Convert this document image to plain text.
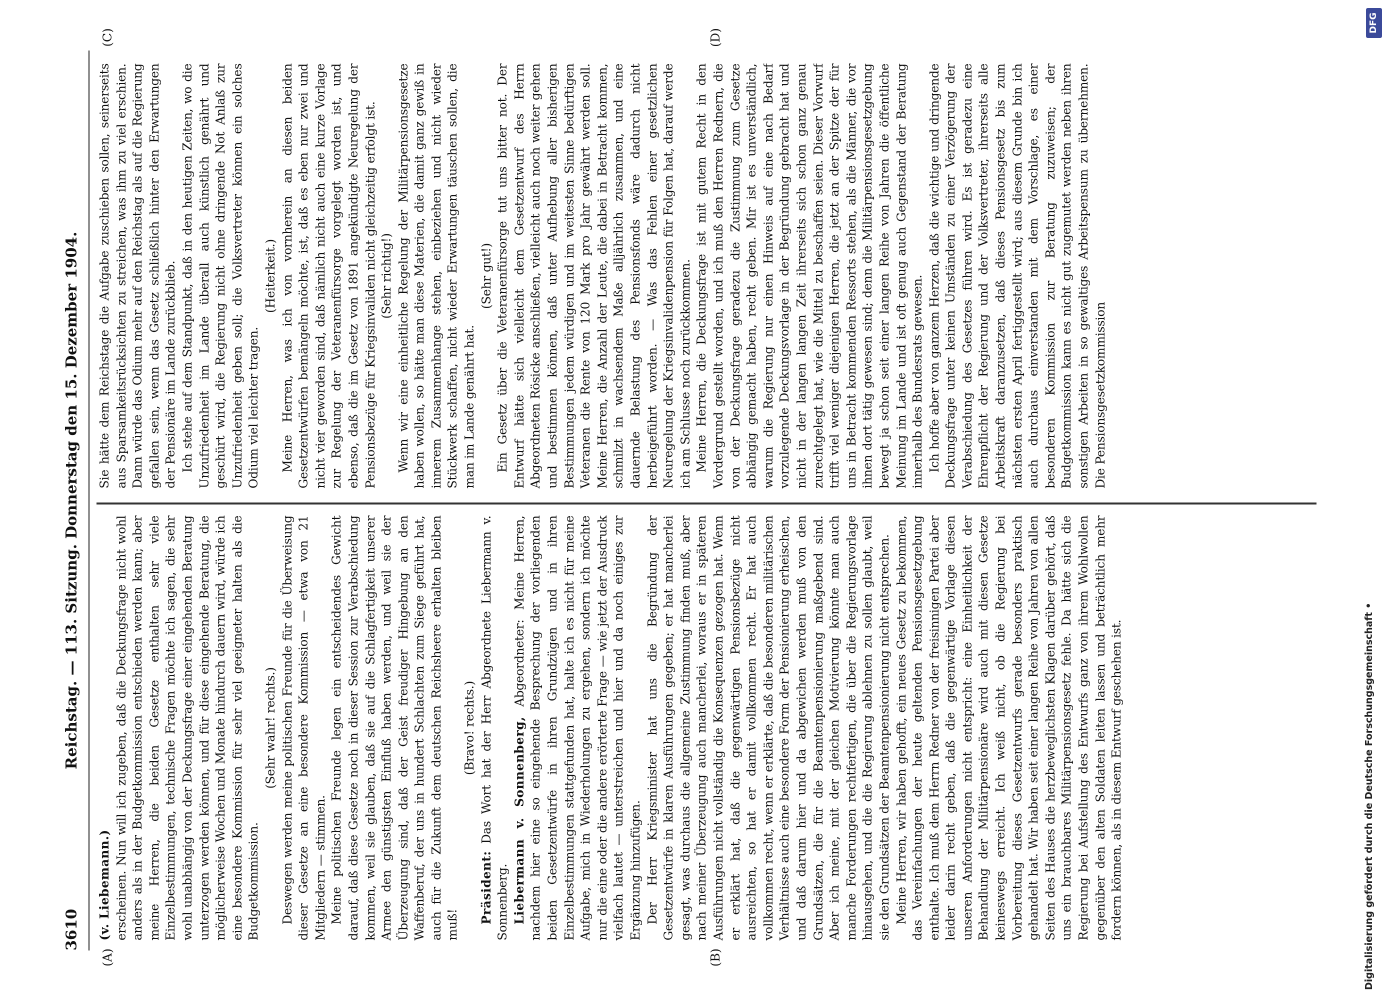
3610
Reichstag. — 113. Sitzung. Donnerstag den 15. Dezember 1904.
(A)	(B)
(C)	(D)

(v. Liebemann.) erscheinen. Nun will ich zugeben, daß die Deckungsfrage nicht wohl anders als in der Budgetkommission entschieden werden kann; aber meine Herren, die beiden Gesetze enthalten sehr viele Einzelbestimmungen, technische Fragen möchte ich sagen, die sehr wohl unabhängig von der Deckungsfrage einer eingehenden Beratung unterzogen werden können, und für diese eingehende Beratung, die möglicherweise Wochen und Monate hindurch dauern wird, würde ich eine besondere Kommission für sehr viel geeigneter halten als die Budgetkommission.

(Sehr wahr! rechts.) Deswegen werden meine politischen Freunde für die Überweisung dieser Gesetze an eine besondere Kommission — etwa von 21 Mitgliedern — stimmen. Meine politischen Freunde legen ein entscheidendes Gewicht darauf, daß diese Gesetze noch in dieser Session zur Verabschiedung kommen, weil sie glauben, daß sie auf die Schlagfertigkeit unserer Armee den günstigsten Einfluß haben werden, und weil sie der Überzeugung sind, daß der Geist freudiger Hingebung an den Waffenberuf, der uns in hundert Schlachten zum Siege geführt hat, auch für die Zukunft dem deutschen Reichsheere erhalten bleiben muß!

(Bravo! rechts.)

Präsident: Das Wort hat der Herr Abgeordnete Liebermann v. Sonnenberg. Liebermann v. Sonnenberg, Abgeordneter: Meine Herren, nachdem hier eine so eingehende Besprechung der vorliegenden beiden Gesetzentwürfe in ihren Grundzügen und in ihren Einzelbestimmungen stattgefunden hat, halte ich es nicht für meine Aufgabe, mich in Wiederholungen zu ergehen, sondern ich möchte nur die eine oder die andere erörterte Frage — wie jetzt der Ausdruck vielfach lautet — unterstreichen und hier und da noch einiges zur Ergänzung hinzufügen. Der Herr Kriegsminister hat uns die Begründung der Gesetzentwürfe in klaren Ausführungen gegeben; er hat mancherlei gesagt, was durchaus die allgemeine Zustimmung finden muß, aber nach meiner Überzeugung auch mancherlei, woraus er in späteren Ausführungen nicht vollständig die Konsequenzen gezogen hat. Wenn er erklärt hat, daß die gegenwärtigen Pensionsbezüge nicht ausreichten, so hat er damit vollkommen recht. Er hat auch vollkommen recht, wenn er erklärte, daß die besonderen militärischen Verhältnisse auch eine besondere Form der Pensionierung erheischen, und daß darum hier und da abgewichen werden muß von den Grundsätzen, die für die Beamtenpensionierung maßgebend sind. Aber ich meine, mit der gleichen Motivierung könnte man auch manche Forderungen rechtfertigen, die über die Regierungsvorlage hinausgehen, und die die Regierung ablehnen zu sollen glaubt, weil sie den Grundsätzen der Beamtenpensionierung nicht entsprechen. Meine Herren, wir haben gehofft, ein neues Gesetz zu bekommen, das Vereinfachungen der heute geltenden Pensionsgesetzgebung enthalte. Ich muß dem Herrn Redner von der freisinnigen Partei aber leider darin recht geben, daß die gegenwärtige Vorlage diesen unseren Anforderungen nicht entspricht: eine Einheitlichkeit der Behandlung der Militärpensionäre wird auch mit diesen Gesetze keineswegs erreicht. Ich weiß nicht, ob die Regierung bei Vorbereitung dieses Gesetzentwurfs gerade besonders praktisch gehandelt hat. Wir haben seit einer langen Reihe von Jahren von allen Seiten des Hauses die herzbeweglichsten Klagen darüber gehört, daß uns ein brauchbares Militärpensionsgesetz fehle. Da hätte sich die Regierung bei Aufstellung des Entwurfs ganz von ihrem Wohlwollen gegenüber den alten Soldaten leiten lassen und beträchtlich mehr fordern können, als in diesem Entwurf geschehen ist.

Sie hätte dem Reichstage die Aufgabe zuschieben sollen, seinerseits aus Sparsamkeitsrücksichten zu streichen, was ihm zu viel erschien. Dann würde das Odium mehr auf den Reichstag als auf die Regierung gefallen sein, wenn das Gesetz schließlich hinter den Erwartungen der Pensionäre im Lande zurückblieb. Ich stehe auf dem Standpunkt, daß in den heutigen Zeiten, wo die Unzufriedenheit im Lande überall auch künstlich genährt und geschürt wird, die Regierung nicht ohne dringende Not Anlaß zur Unzufriedenheit geben soll; die Volksvertreter können ein solches Odium viel leichter tragen.

(Heiterkeit.) Meine Herren, was ich von vornherein an diesen beiden Gesetzentwürfen bemängeln möchte, ist, daß es eben nur zwei und nicht vier geworden sind, daß nämlich nicht auch eine kurze Vorlage zur Regelung der Veteranenfürsorge vorgelegt worden ist, und ebenso, daß die im Gesetz von 1891 angekündigte Neuregelung der Pensionsbezüge für Kriegsinvaliden nicht gleichzeitig erfolgt ist. (Sehr richtig!) Wenn wir eine einheitliche Regelung der Militärpensionsgesetze haben wollen, so hätte man diese Materien, die damit ganz gewiß in innerem Zusammenhange stehen, einbeziehen und nicht wieder Stückwerk schaffen, nicht wieder Erwartungen täuschen sollen, die man im Lande genährt hat.

(Sehr gut!) Ein Gesetz über die Veteranenfürsorge tut uns bitter not. Der Entwurf hätte sich vielleicht dem Gesetzentwurf des Herrn Abgeordneten Rösicke anschließen, vielleicht auch noch weiter gehen und bestimmen können, daß unter Aufhebung aller bisherigen Bestimmungen jedem würdigen und im weitesten Sinne bedürftigen Veteranen die Rente von 120 Mark pro Jahr gewährt werden soll. Meine Herren, die Anzahl der Leute, die dabei in Betracht kommen, schmilzt in wachsendem Maße alljährlich zusammen, und eine dauernde Belastung des Pensionsfonds wäre dadurch nicht herbeigeführt worden. — Was das Fehlen einer gesetzlichen Neuregelung der Kriegsinvalidenpension für Folgen hat, darauf werde ich am Schlusse noch zurückkommen. Meine Herren, die Deckungsfrage ist mit gutem Recht in den Vordergrund gestellt worden, und ich muß den Herren Rednern, die von der Deckungsfrage geradezu die Zustimmung zum Gesetze abhängig gemacht haben, recht geben. Mir ist es unverständlich, warum die Regierung nur einen Hinweis auf eine nach Bedarf vorzulegende Deckungsvorlage in der Begründung gebracht hat und nicht in der langen langen Zeit ihrerseits sich schon ganz genau zurechtgelegt hat, wie die Mittel zu beschaffen seien. Dieser Vorwurf trifft viel weniger diejenigen Herren, die jetzt an der Spitze der für uns in Betracht kommenden Ressorts stehen, als die Männer, die vor ihnen dort tätig gewesen sind; denn die Militärpensionsgesetzgebung bewegt ja schon seit einer langen Reihe von Jahren die öffentliche Meinung im Lande und ist oft genug auch Gegenstand der Beratung innerhalb des Bundesrats gewesen. Ich hoffe aber von ganzem Herzen, daß die wichtige und dringende Deckungsfrage unter keinen Umständen zu einer Verzögerung der Verabschiedung des Gesetzes führen wird. Es ist geradezu eine Ehrenpflicht der Regierung und der Volksvertreter, ihrerseits alle Arbeitskraft daranzusetzen, daß dieses Pensionsgesetz bis zum nächsten ersten April fertiggestellt wird; aus diesem Grunde bin ich auch durchaus einverstanden mit dem Vorschlage, es einer besonderen Kommission zur Beratung zuzuweisen; der Budgetkommission kann es nicht gut zugemutet werden neben ihren sonstigen Arbeiten in so gewaltiges Arbeitspensum zu übernehmen. Die Pensionsgesetzkommission

DFG
Digitalisierung gefördert durch die Deutsche Forschungsgemeinschaft •
